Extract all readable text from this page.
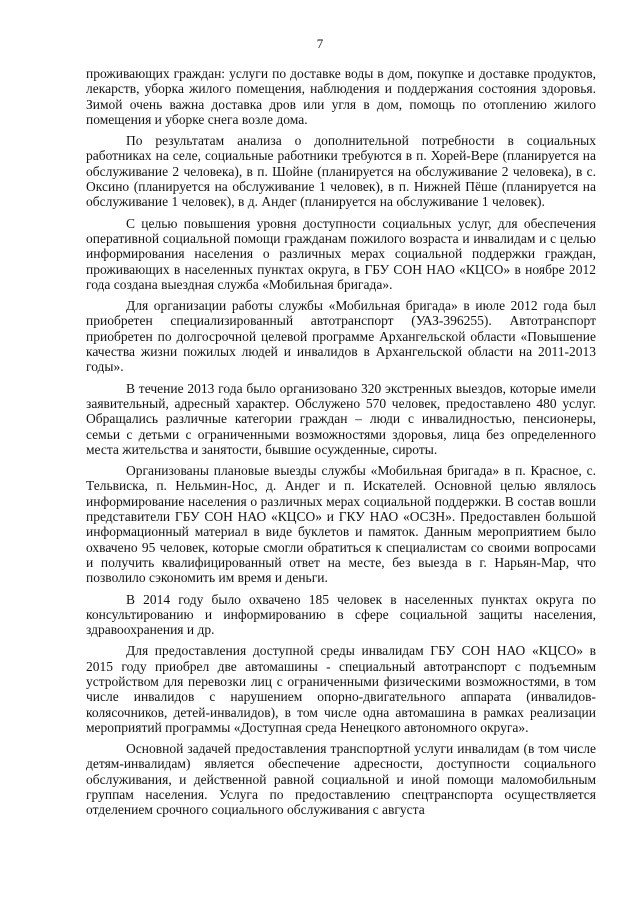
7

проживающих граждан: услуги по доставке воды в дом, покупке и доставке продуктов, лекарств, уборка жилого помещения, наблюдения и поддержания состояния здоровья. Зимой очень важна доставка дров или угля в дом, помощь по отоплению жилого помещения и уборке снега возле дома.

По результатам анализа о дополнительной потребности в социальных работниках на селе, социальные работники требуются в п. Хорей-Вере (планируется на обслуживание 2 человека), в п. Шойне (планируется на обслуживание 2 человека), в с. Оксино (планируется на обслуживание 1 человек), в п. Нижней Пёше (планируется на обслуживание 1 человек), в д. Андег (планируется на обслуживание 1 человек).

С целью повышения уровня доступности социальных услуг, для обеспечения оперативной социальной помощи гражданам пожилого возраста и инвалидам и с целью информирования населения о различных мерах социальной поддержки граждан, проживающих в населенных пунктах округа, в ГБУ СОН НАО «КЦСО» в ноябре 2012 года создана выездная служба «Мобильная бригада».

Для организации работы службы «Мобильная бригада» в июле 2012 года был приобретен специализированный автотранспорт (УАЗ-396255). Автотранспорт приобретен по долгосрочной целевой программе Архангельской области «Повышение качества жизни пожилых людей и инвалидов в Архангельской области на 2011-2013 годы».

В течение 2013 года было организовано 320 экстренных выездов, которые имели заявительный, адресный характер. Обслужено 570 человек, предоставлено 480 услуг. Обращались различные категории граждан – люди с инвалидностью, пенсионеры, семьи с детьми с ограниченными возможностями здоровья, лица без определенного места жительства и занятости, бывшие осужденные, сироты.

Организованы плановые выезды службы «Мобильная бригада» в п. Красное, с. Тельвиска, п. Нельмин-Нос, д. Андег и п. Искателей. Основной целью являлось информирование населения о различных мерах социальной поддержки. В состав вошли представители ГБУ СОН НАО «КЦСО» и ГКУ НАО «ОСЗН». Предоставлен большой информационный материал в виде буклетов и памяток. Данным мероприятием было охвачено 95 человек, которые смогли обратиться к специалистам со своими вопросами и получить квалифицированный ответ на месте, без выезда в г. Нарьян-Мар, что позволило сэкономить им время и деньги.

В 2014 году было охвачено 185 человек в населенных пунктах округа по консультированию и информированию в сфере социальной защиты населения, здравоохранения и др.

Для предоставления доступной среды инвалидам ГБУ СОН НАО «КЦСО» в 2015 году приобрел две автомашины - специальный автотранспорт с подъемным устройством для перевозки лиц с ограниченными физическими возможностями, в том числе инвалидов с нарушением опорно-двигательного аппарата (инвалидов-колясочников, детей-инвалидов), в том числе одна автомашина в рамках реализации мероприятий программы «Доступная среда Ненецкого автономного округа».

Основной задачей предоставления транспортной услуги инвалидам (в том числе детям-инвалидам) является обеспечение адресности, доступности социального обслуживания, и действенной равной социальной и иной помощи маломобильным группам населения. Услуга по предоставлению спецтранспорта осуществляется отделением срочного социального обслуживания с августа
